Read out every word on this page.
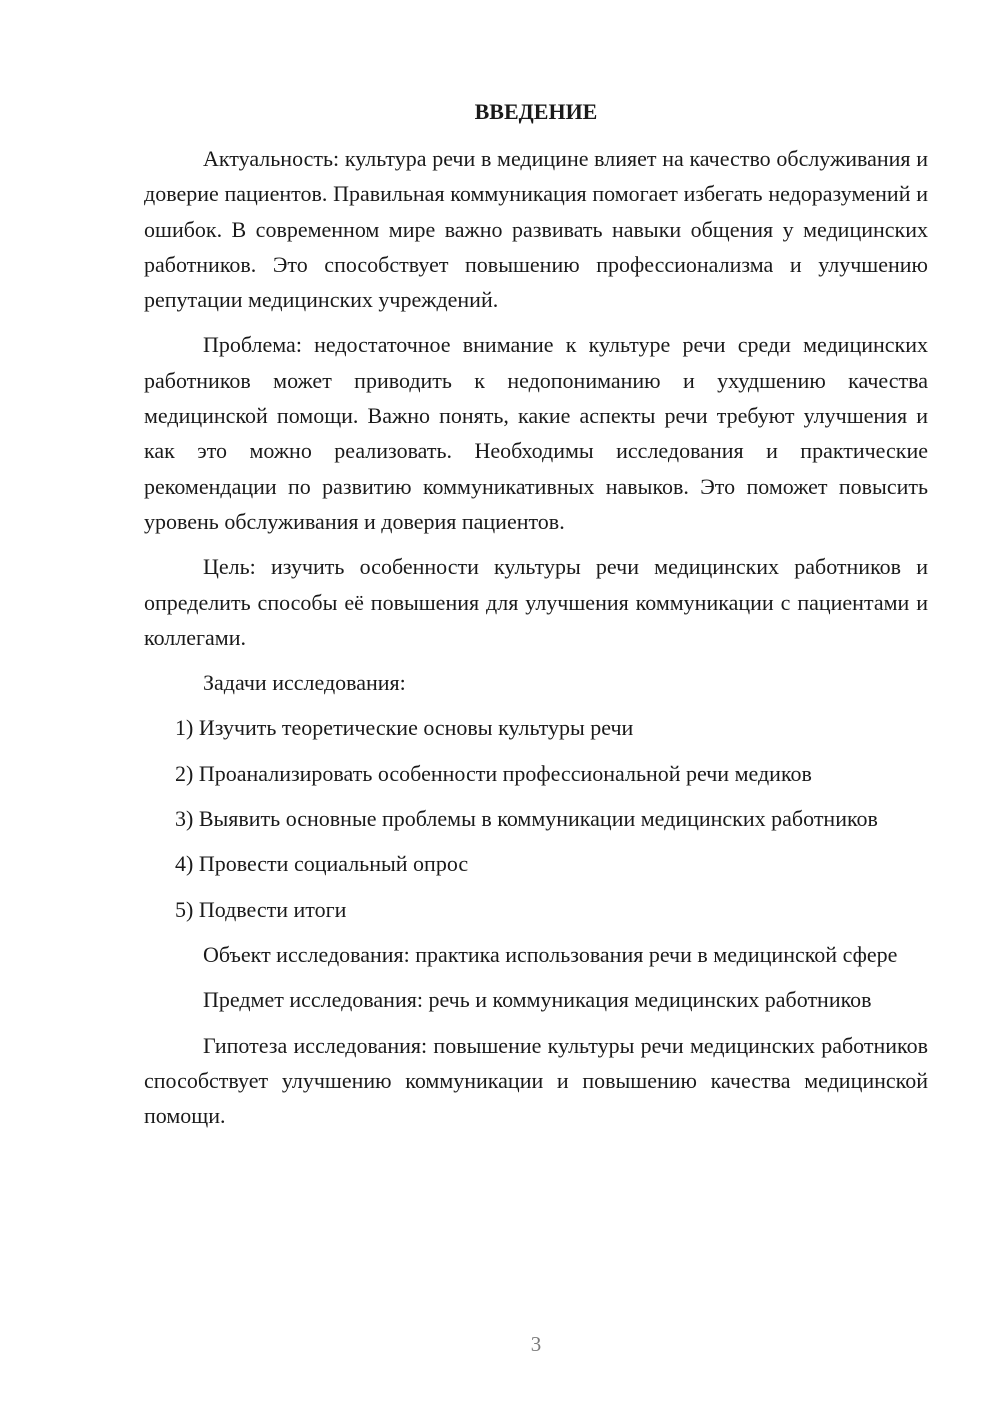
ВВЕДЕНИЕ

Актуальность: культура речи в медицине влияет на качество обслуживания и доверие пациентов. Правильная коммуникация помогает избегать недоразумений и ошибок. В современном мире важно развивать навыки общения у медицинских работников. Это способствует повышению профессионализма и улучшению репутации медицинских учреждений.

Проблема: недостаточное внимание к культуре речи среди медицинских работников может приводить к недопониманию и ухудшению качества медицинской помощи. Важно понять, какие аспекты речи требуют улучшения и как это можно реализовать. Необходимы исследования и практические рекомендации по развитию коммуникативных навыков. Это поможет повысить уровень обслуживания и доверия пациентов.

Цель: изучить особенности культуры речи медицинских работников и определить способы её повышения для улучшения коммуникации с пациентами и коллегами.

Задачи исследования:

1) Изучить теоретические основы культуры речи

2) Проанализировать особенности профессиональной речи медиков

3) Выявить основные проблемы в коммуникации медицинских работников

4) Провести социальный опрос

5) Подвести итоги

Объект исследования: практика использования речи в медицинской сфере

Предмет исследования: речь и коммуникация медицинских работников

Гипотеза исследования: повышение культуры речи медицинских работников способствует улучшению коммуникации и повышению качества медицинской помощи.

3
